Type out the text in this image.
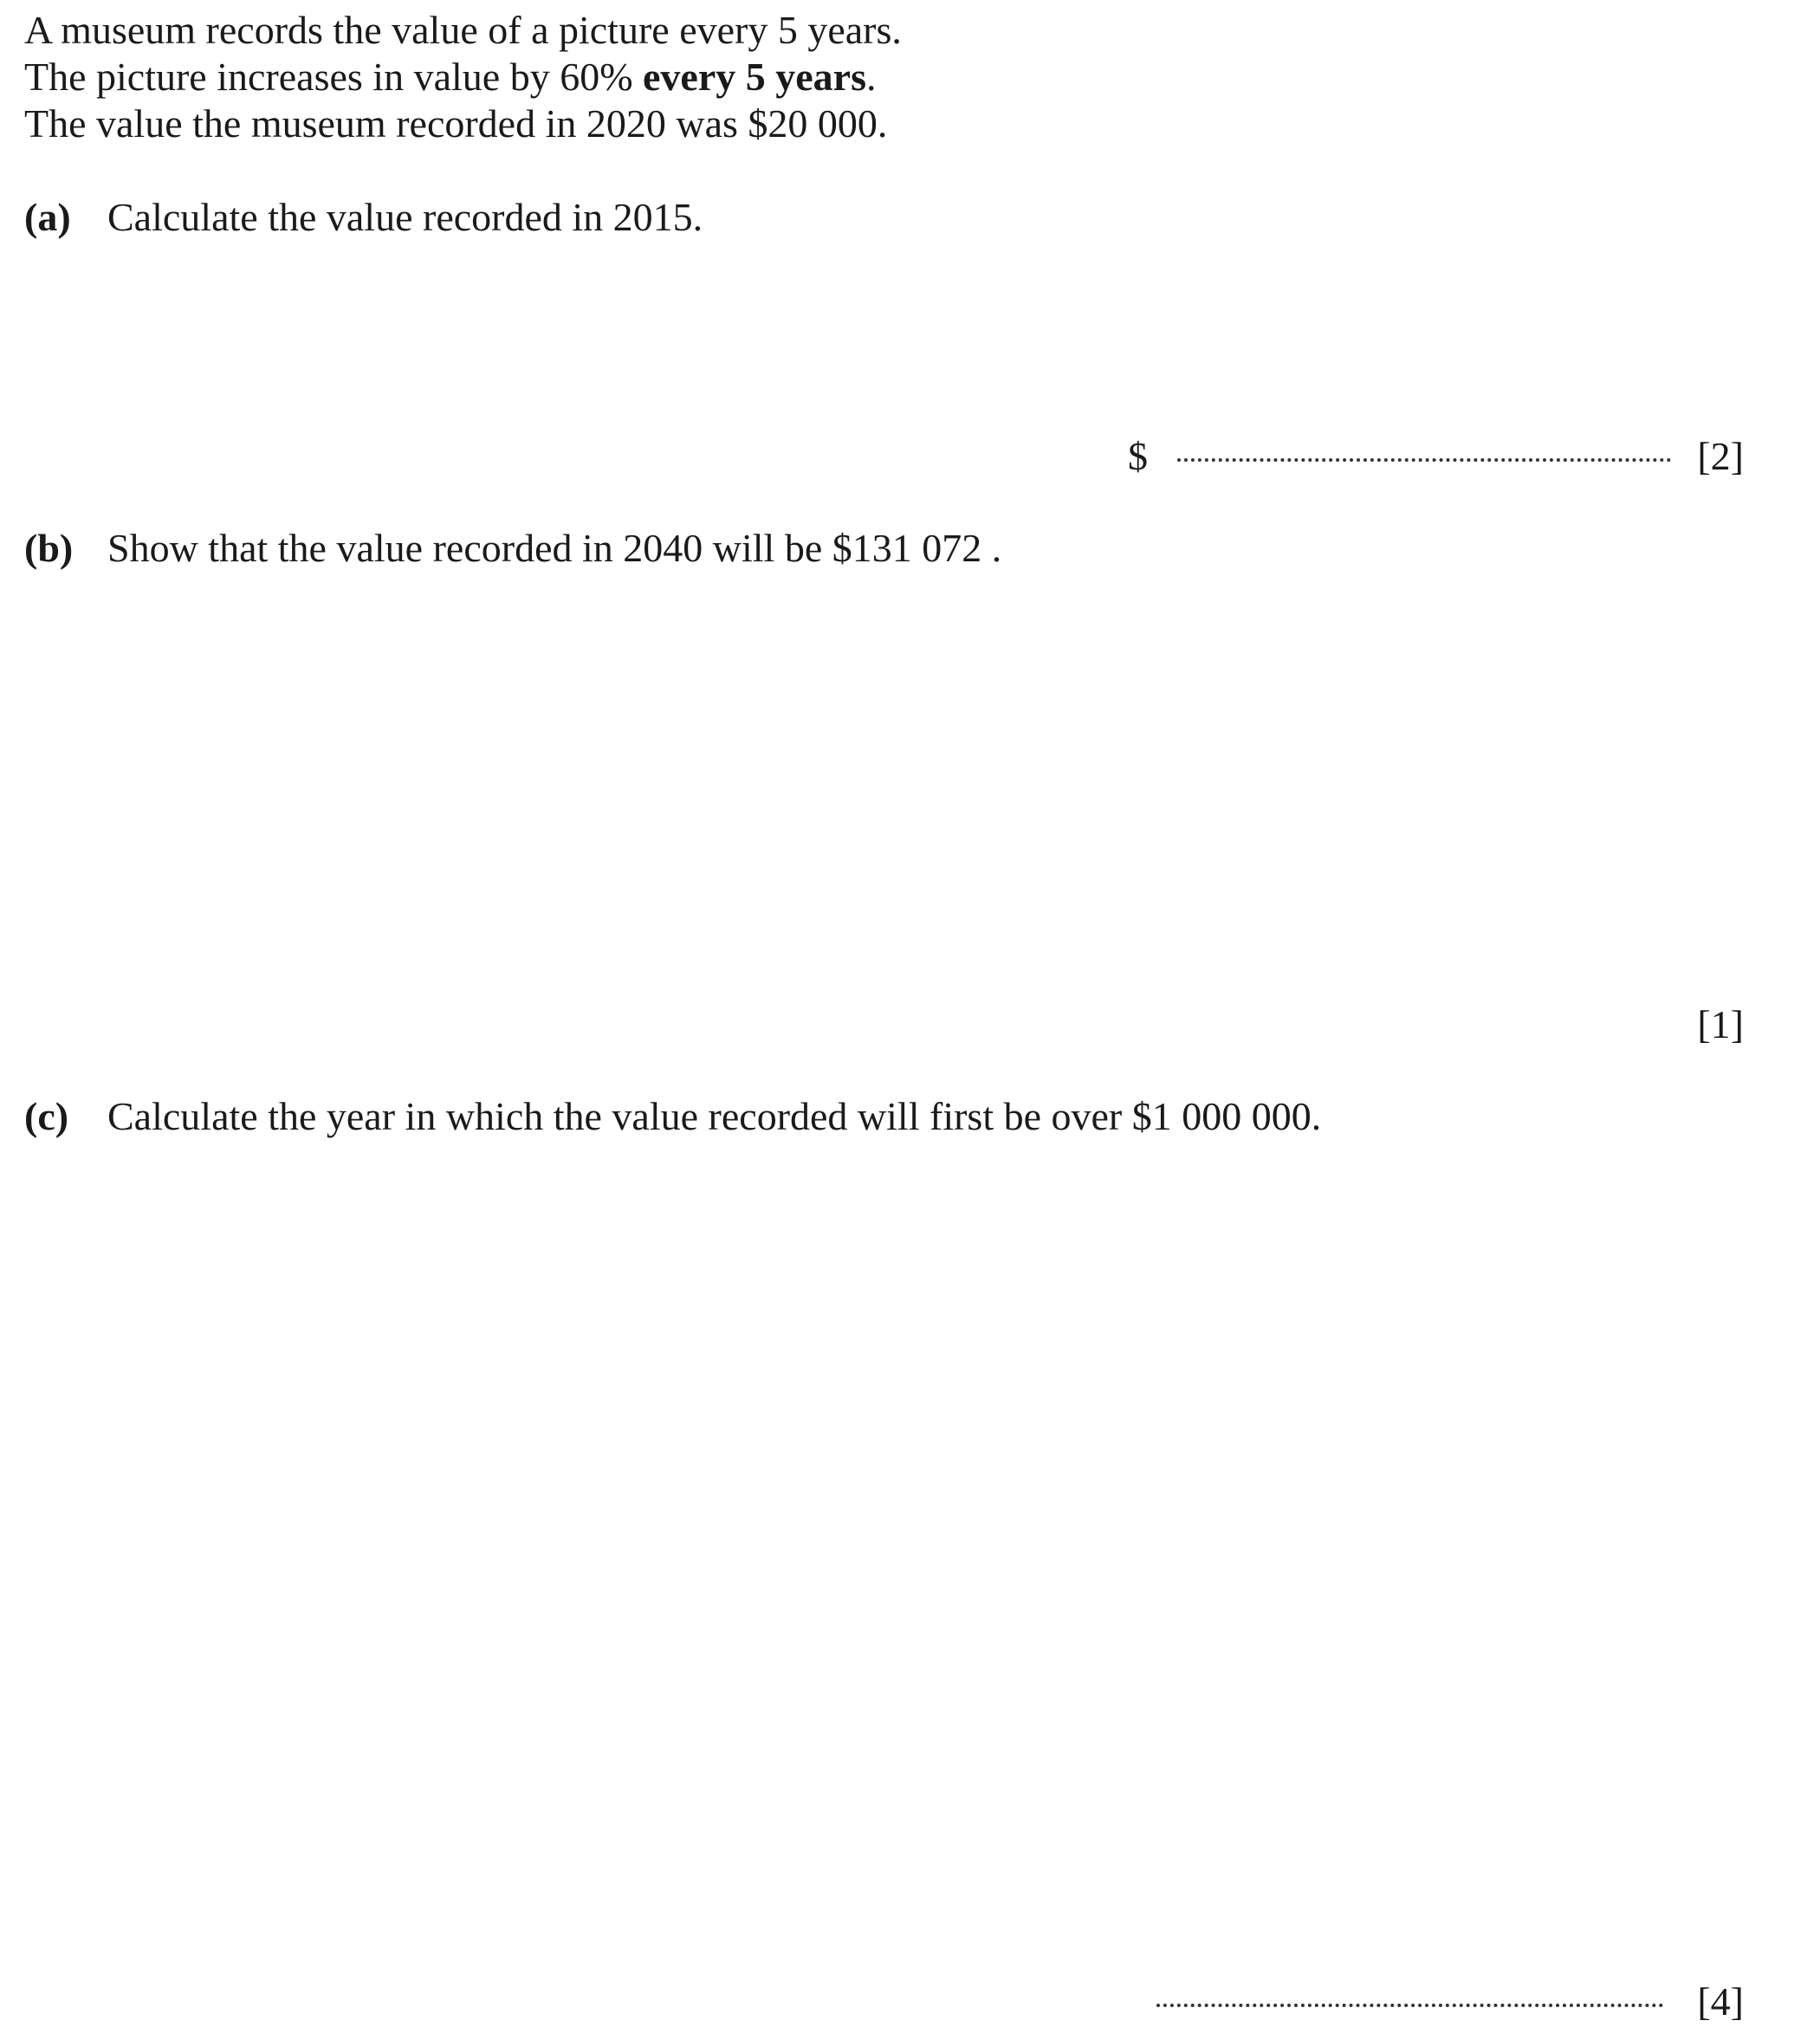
A museum records the value of a picture every 5 years.
The picture increases in value by 60% every 5 years.
The value the museum recorded in 2020 was $20 000.
(a) Calculate the value recorded in 2015.
$	[2]
(b) Show that the value recorded in 2040 will be $131 072 .
[1]
(c) Calculate the year in which the value recorded will first be over $1 000 000.
[4]
